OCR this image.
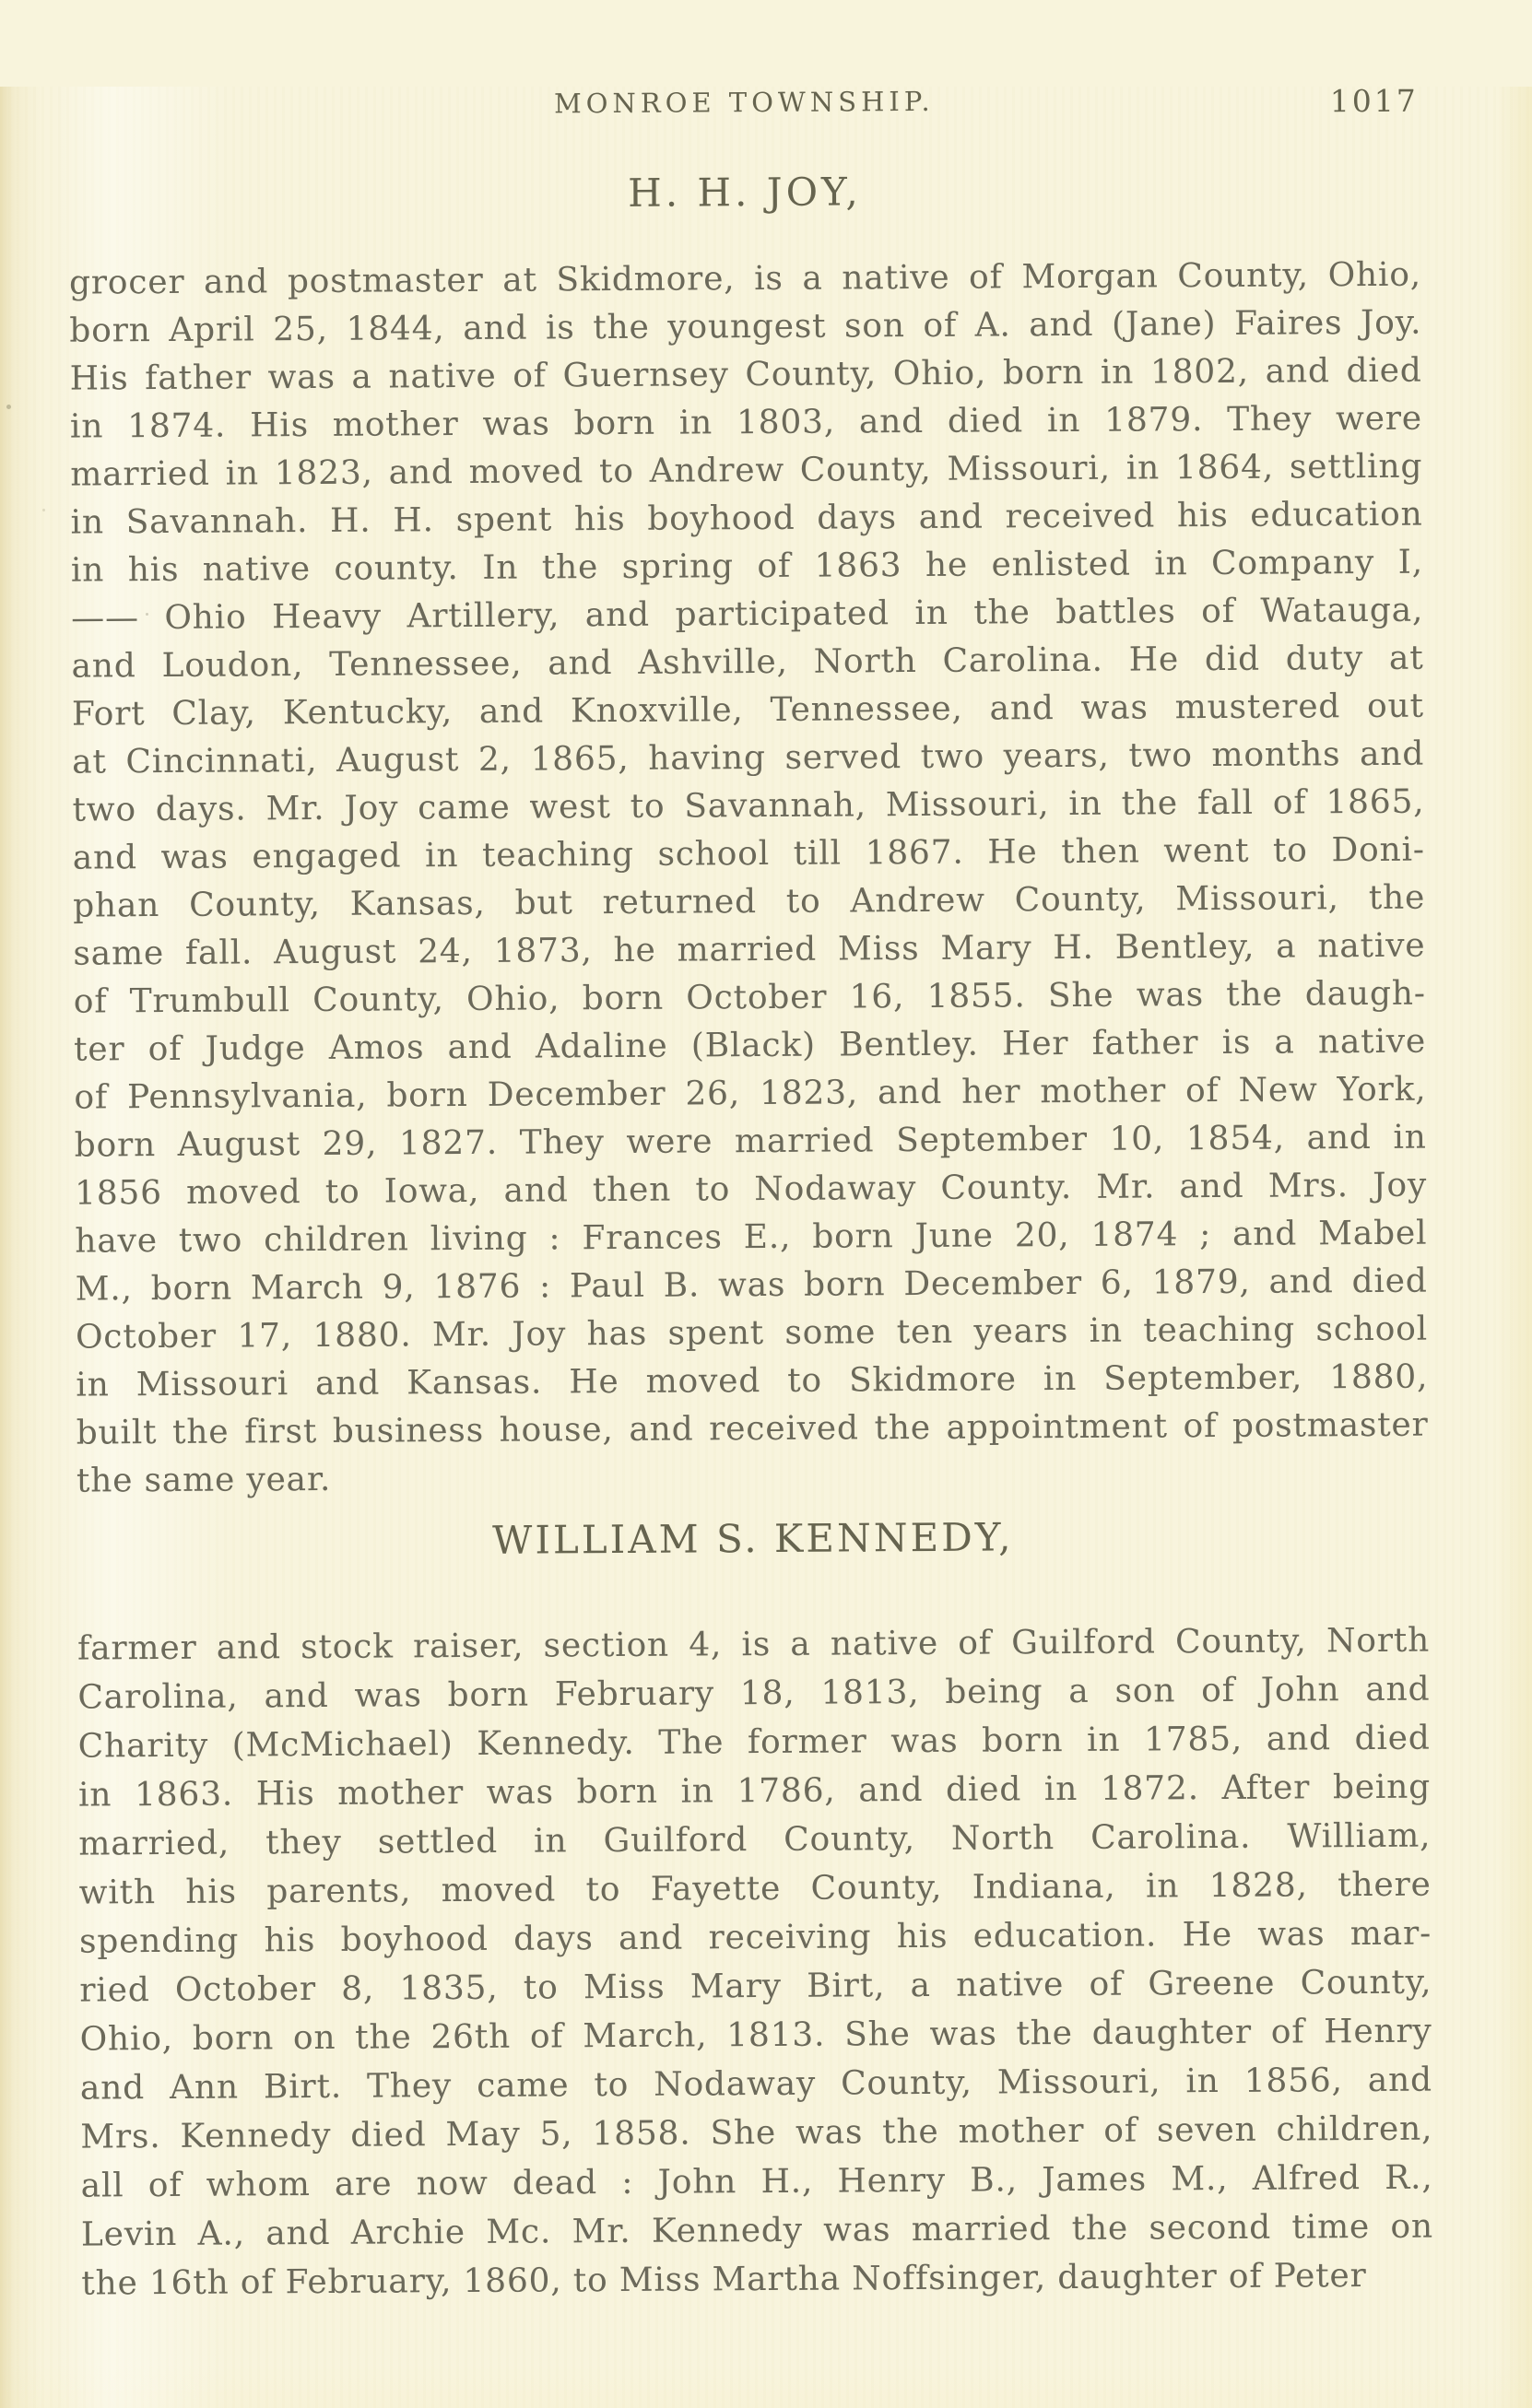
MONROE TOWNSHIP.	1017
H. H. JOY,
grocer and postmaster at Skidmore, is a native of Morgan County, Ohio,
born April 25, 1844, and is the youngest son of A. and (Jane) Faires Joy.
His father was a native of Guernsey County, Ohio, born in 1802, and died
in 1874. His mother was born in 1803, and died in 1879. They were
married in 1823, and moved to Andrew County, Missouri, in 1864, settling
in Savannah. H. H. spent his boyhood days and received his education
in his native county. In the spring of 1863 he enlisted in Company I,
—— Ohio Heavy Artillery, and participated in the battles of Watauga,
and Loudon, Tennessee, and Ashville, North Carolina. He did duty at
Fort Clay, Kentucky, and Knoxville, Tennessee, and was mustered out
at Cincinnati, August 2, 1865, having served two years, two months and
two days. Mr. Joy came west to Savannah, Missouri, in the fall of 1865,
and was engaged in teaching school till 1867. He then went to Doni-
phan County, Kansas, but returned to Andrew County, Missouri, the
same fall. August 24, 1873, he married Miss Mary H. Bentley, a native
of Trumbull County, Ohio, born October 16, 1855. She was the daugh-
ter of Judge Amos and Adaline (Black) Bentley. Her father is a native
of Pennsylvania, born December 26, 1823, and her mother of New York,
born August 29, 1827. They were married September 10, 1854, and in
1856 moved to Iowa, and then to Nodaway County. Mr. and Mrs. Joy
have two children living : Frances E., born June 20, 1874 ; and Mabel
M., born March 9, 1876 : Paul B. was born December 6, 1879, and died
October 17, 1880. Mr. Joy has spent some ten years in teaching school
in Missouri and Kansas. He moved to Skidmore in September, 1880,
built the first business house, and received the appointment of postmaster
the same year.
WILLIAM S. KENNEDY,
farmer and stock raiser, section 4, is a native of Guilford County, North
Carolina, and was born February 18, 1813, being a son of John and
Charity (McMichael) Kennedy. The former was born in 1785, and died
in 1863. His mother was born in 1786, and died in 1872. After being
married, they settled in Guilford County, North Carolina. William,
with his parents, moved to Fayette County, Indiana, in 1828, there
spending his boyhood days and receiving his education. He was mar-
ried October 8, 1835, to Miss Mary Birt, a native of Greene County,
Ohio, born on the 26th of March, 1813. She was the daughter of Henry
and Ann Birt. They came to Nodaway County, Missouri, in 1856, and
Mrs. Kennedy died May 5, 1858. She was the mother of seven children,
all of whom are now dead : John H., Henry B., James M., Alfred R.,
Levin A., and Archie Mc. Mr. Kennedy was married the second time on
the 16th of February, 1860, to Miss Martha Noffsinger, daughter of Peter
